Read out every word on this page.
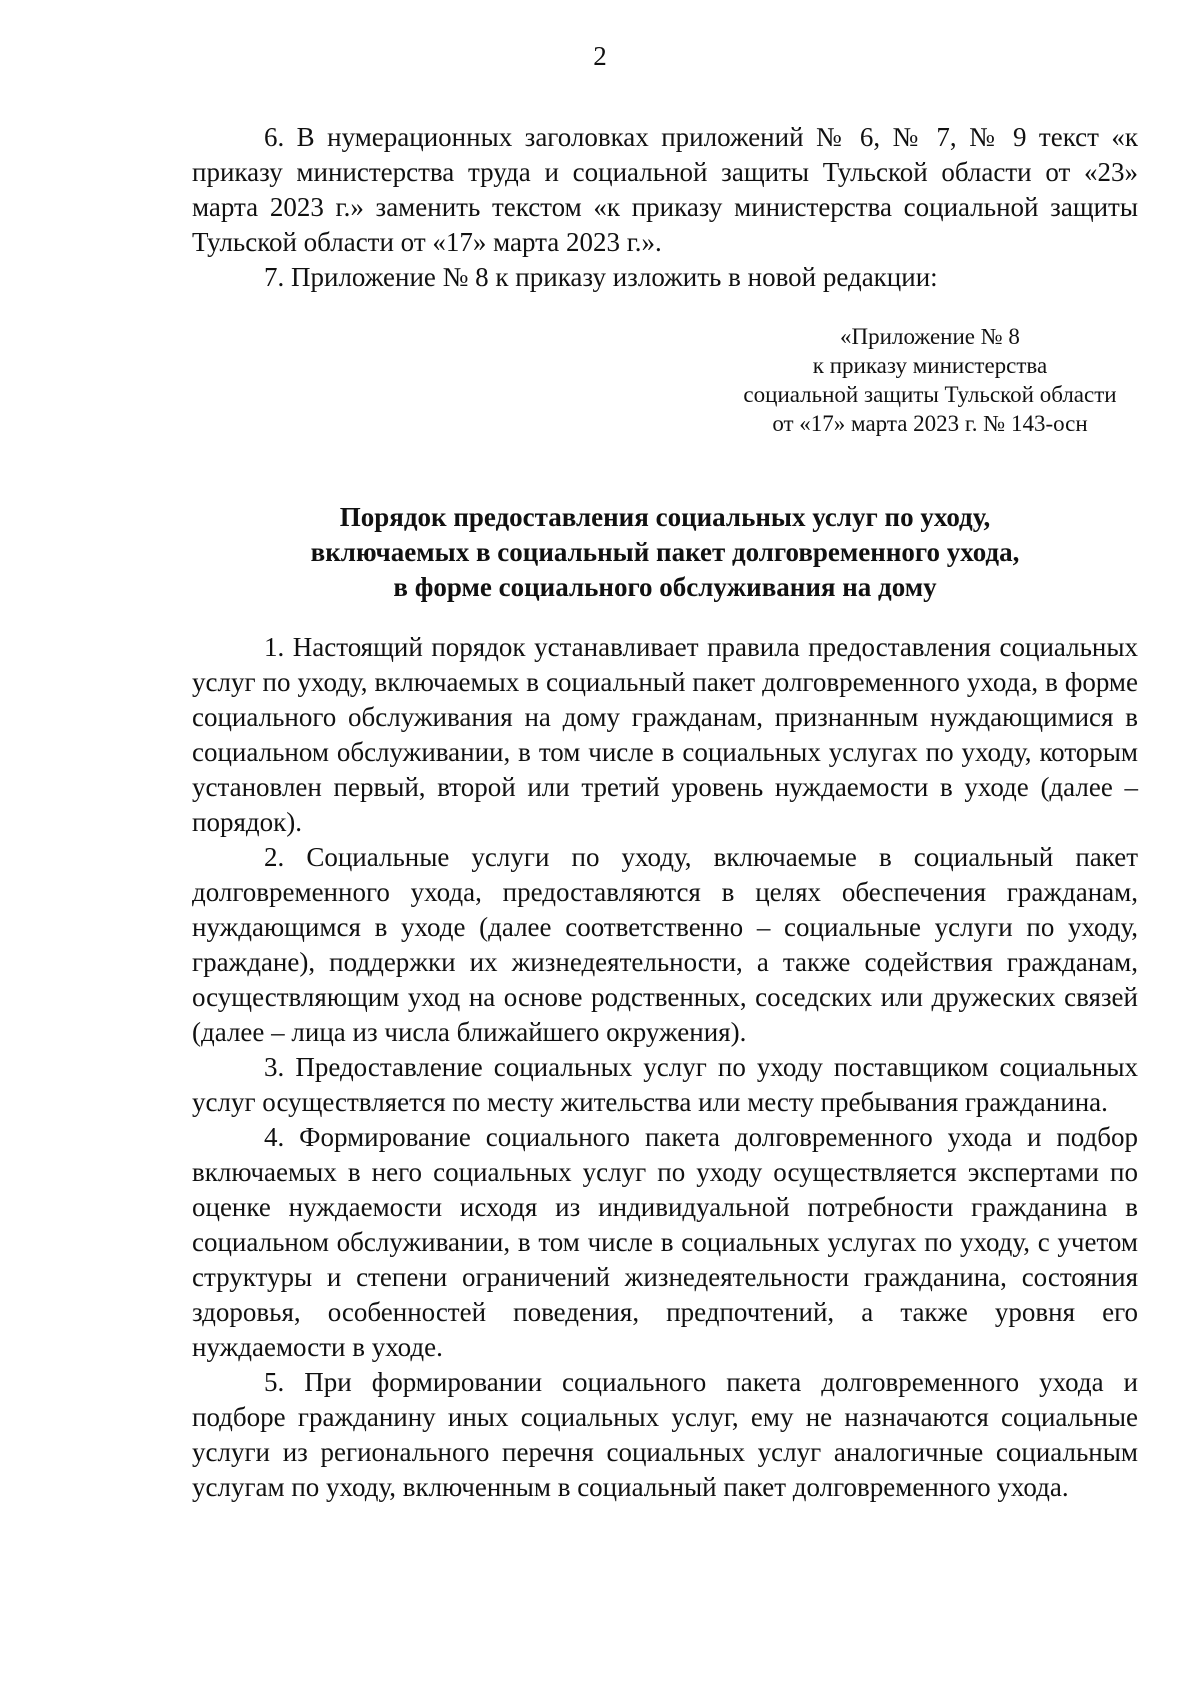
2

6. В нумерационных заголовках приложений № 6, № 7, № 9 текст «к приказу министерства труда и социальной защиты Тульской области от «23» марта 2023 г.» заменить текстом «к приказу министерства социальной защиты Тульской области от «17» марта 2023 г.».

7. Приложение № 8 к приказу изложить в новой редакции:

«Приложение № 8
к приказу министерства
социальной защиты Тульской области
от «17» марта 2023 г. № 143-осн
Порядок предоставления социальных услуг по уходу,
включаемых в социальный пакет долговременного ухода,
в форме социального обслуживания на дому

1. Настоящий порядок устанавливает правила предоставления социальных услуг по уходу, включаемых в социальный пакет долговременного ухода, в форме социального обслуживания на дому гражданам, признанным нуждающимися в социальном обслуживании, в том числе в социальных услугах по уходу, которым установлен первый, второй или третий уровень нуждаемости в уходе (далее – порядок).

2. Социальные услуги по уходу, включаемые в социальный пакет долговременного ухода, предоставляются в целях обеспечения гражданам, нуждающимся в уходе (далее соответственно – социальные услуги по уходу, граждане), поддержки их жизнедеятельности, а также содействия гражданам, осуществляющим уход на основе родственных, соседских или дружеских связей (далее – лица из числа ближайшего окружения).

3. Предоставление социальных услуг по уходу поставщиком социальных услуг осуществляется по месту жительства или месту пребывания гражданина.

4. Формирование социального пакета долговременного ухода и подбор включаемых в него социальных услуг по уходу осуществляется экспертами по оценке нуждаемости исходя из индивидуальной потребности гражданина в социальном обслуживании, в том числе в социальных услугах по уходу, с учетом структуры и степени ограничений жизнедеятельности гражданина, состояния здоровья, особенностей поведения, предпочтений, а также уровня его нуждаемости в уходе.

5. При формировании социального пакета долговременного ухода и подборе гражданину иных социальных услуг, ему не назначаются социальные услуги из регионального перечня социальных услуг аналогичные социальным услугам по уходу, включенным в социальный пакет долговременного ухода.
